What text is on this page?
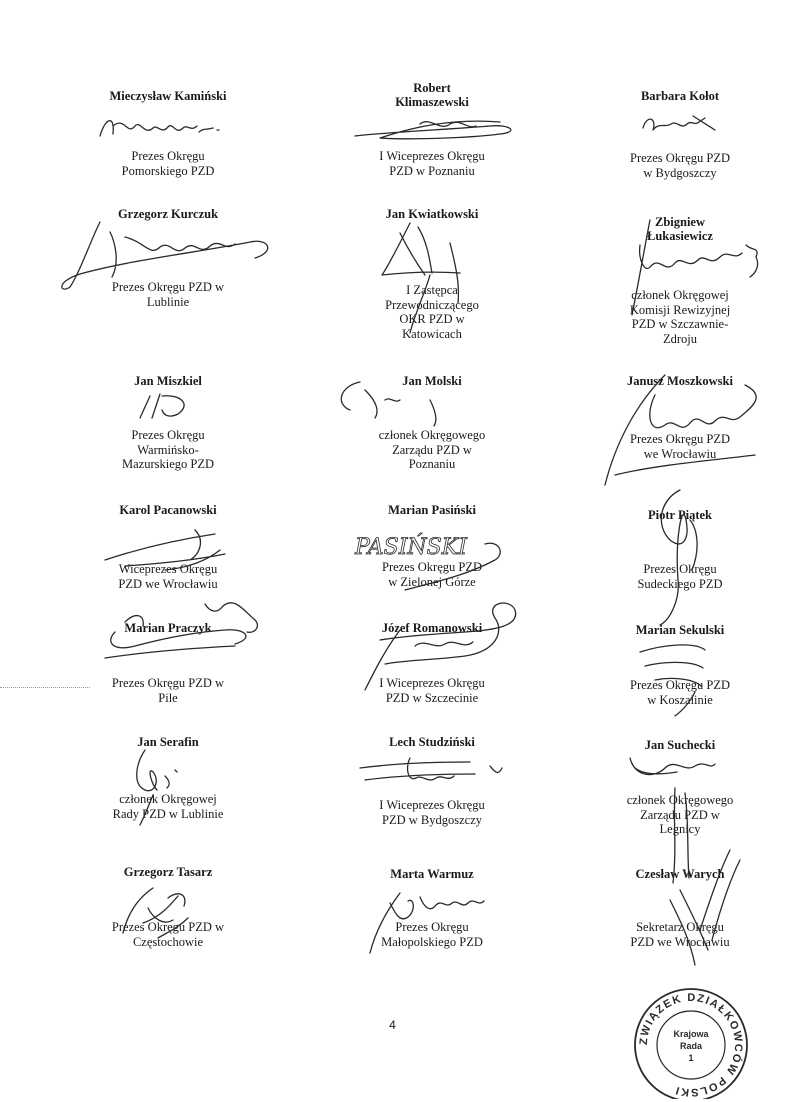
Mieczysław Kamiński
Prezes Okręgu
Pomorskiego PZD
Robert
Klimaszewski
I Wiceprezes Okręgu
PZD w Poznaniu
Barbara Kołot
Prezes Okręgu PZD
w Bydgoszczy
Grzegorz Kurczuk
Prezes Okręgu PZD w
Lublinie
Jan Kwiatkowski
I Zastępca
Przewodniczącego
OKR PZD w
Katowicach
Zbigniew
Łukasiewicz
członek Okręgowej
Komisji Rewizyjnej
PZD w Szczawnie-
Zdroju
Jan Miszkiel
Prezes Okręgu
Warmińsko-
Mazurskiego PZD
Jan Molski
członek Okręgowego
Zarządu PZD w
Poznaniu
Janusz Moszkowski
Prezes Okręgu PZD
we Wrocławiu
Karol Pacanowski
Wiceprezes Okręgu
PZD we Wrocławiu
Marian Pasiński
Prezes Okręgu PZD
w Zielonej Górze
Piotr Piątek
Prezes Okręgu
Sudeckiego PZD
Marian Praczyk
Prezes Okręgu PZD w
Pile
Józef Romanowski
I Wiceprezes Okręgu
PZD w Szczecinie
Marian Sekulski
Prezes Okręgu PZD
w Koszalinie
Jan Serafin
członek Okręgowej
Rady PZD w Lublinie
Lech Studziński
I Wiceprezes Okręgu
PZD w Bydgoszczy
Jan Suchecki
członek Okręgowego
Zarządu PZD w
Legnicy
Grzegorz Tasarz
Prezes Okręgu PZD w
Częstochowie
Marta Warmuz
Prezes Okręgu
Małopolskiego PZD
Czesław Warych
Sekretarz Okręgu
PZD we Wrocławiu
PASIŃSKI
4
ZWIĄZEK DZIAŁKOWCÓW POLSKI
Krajowa
Rada
1
